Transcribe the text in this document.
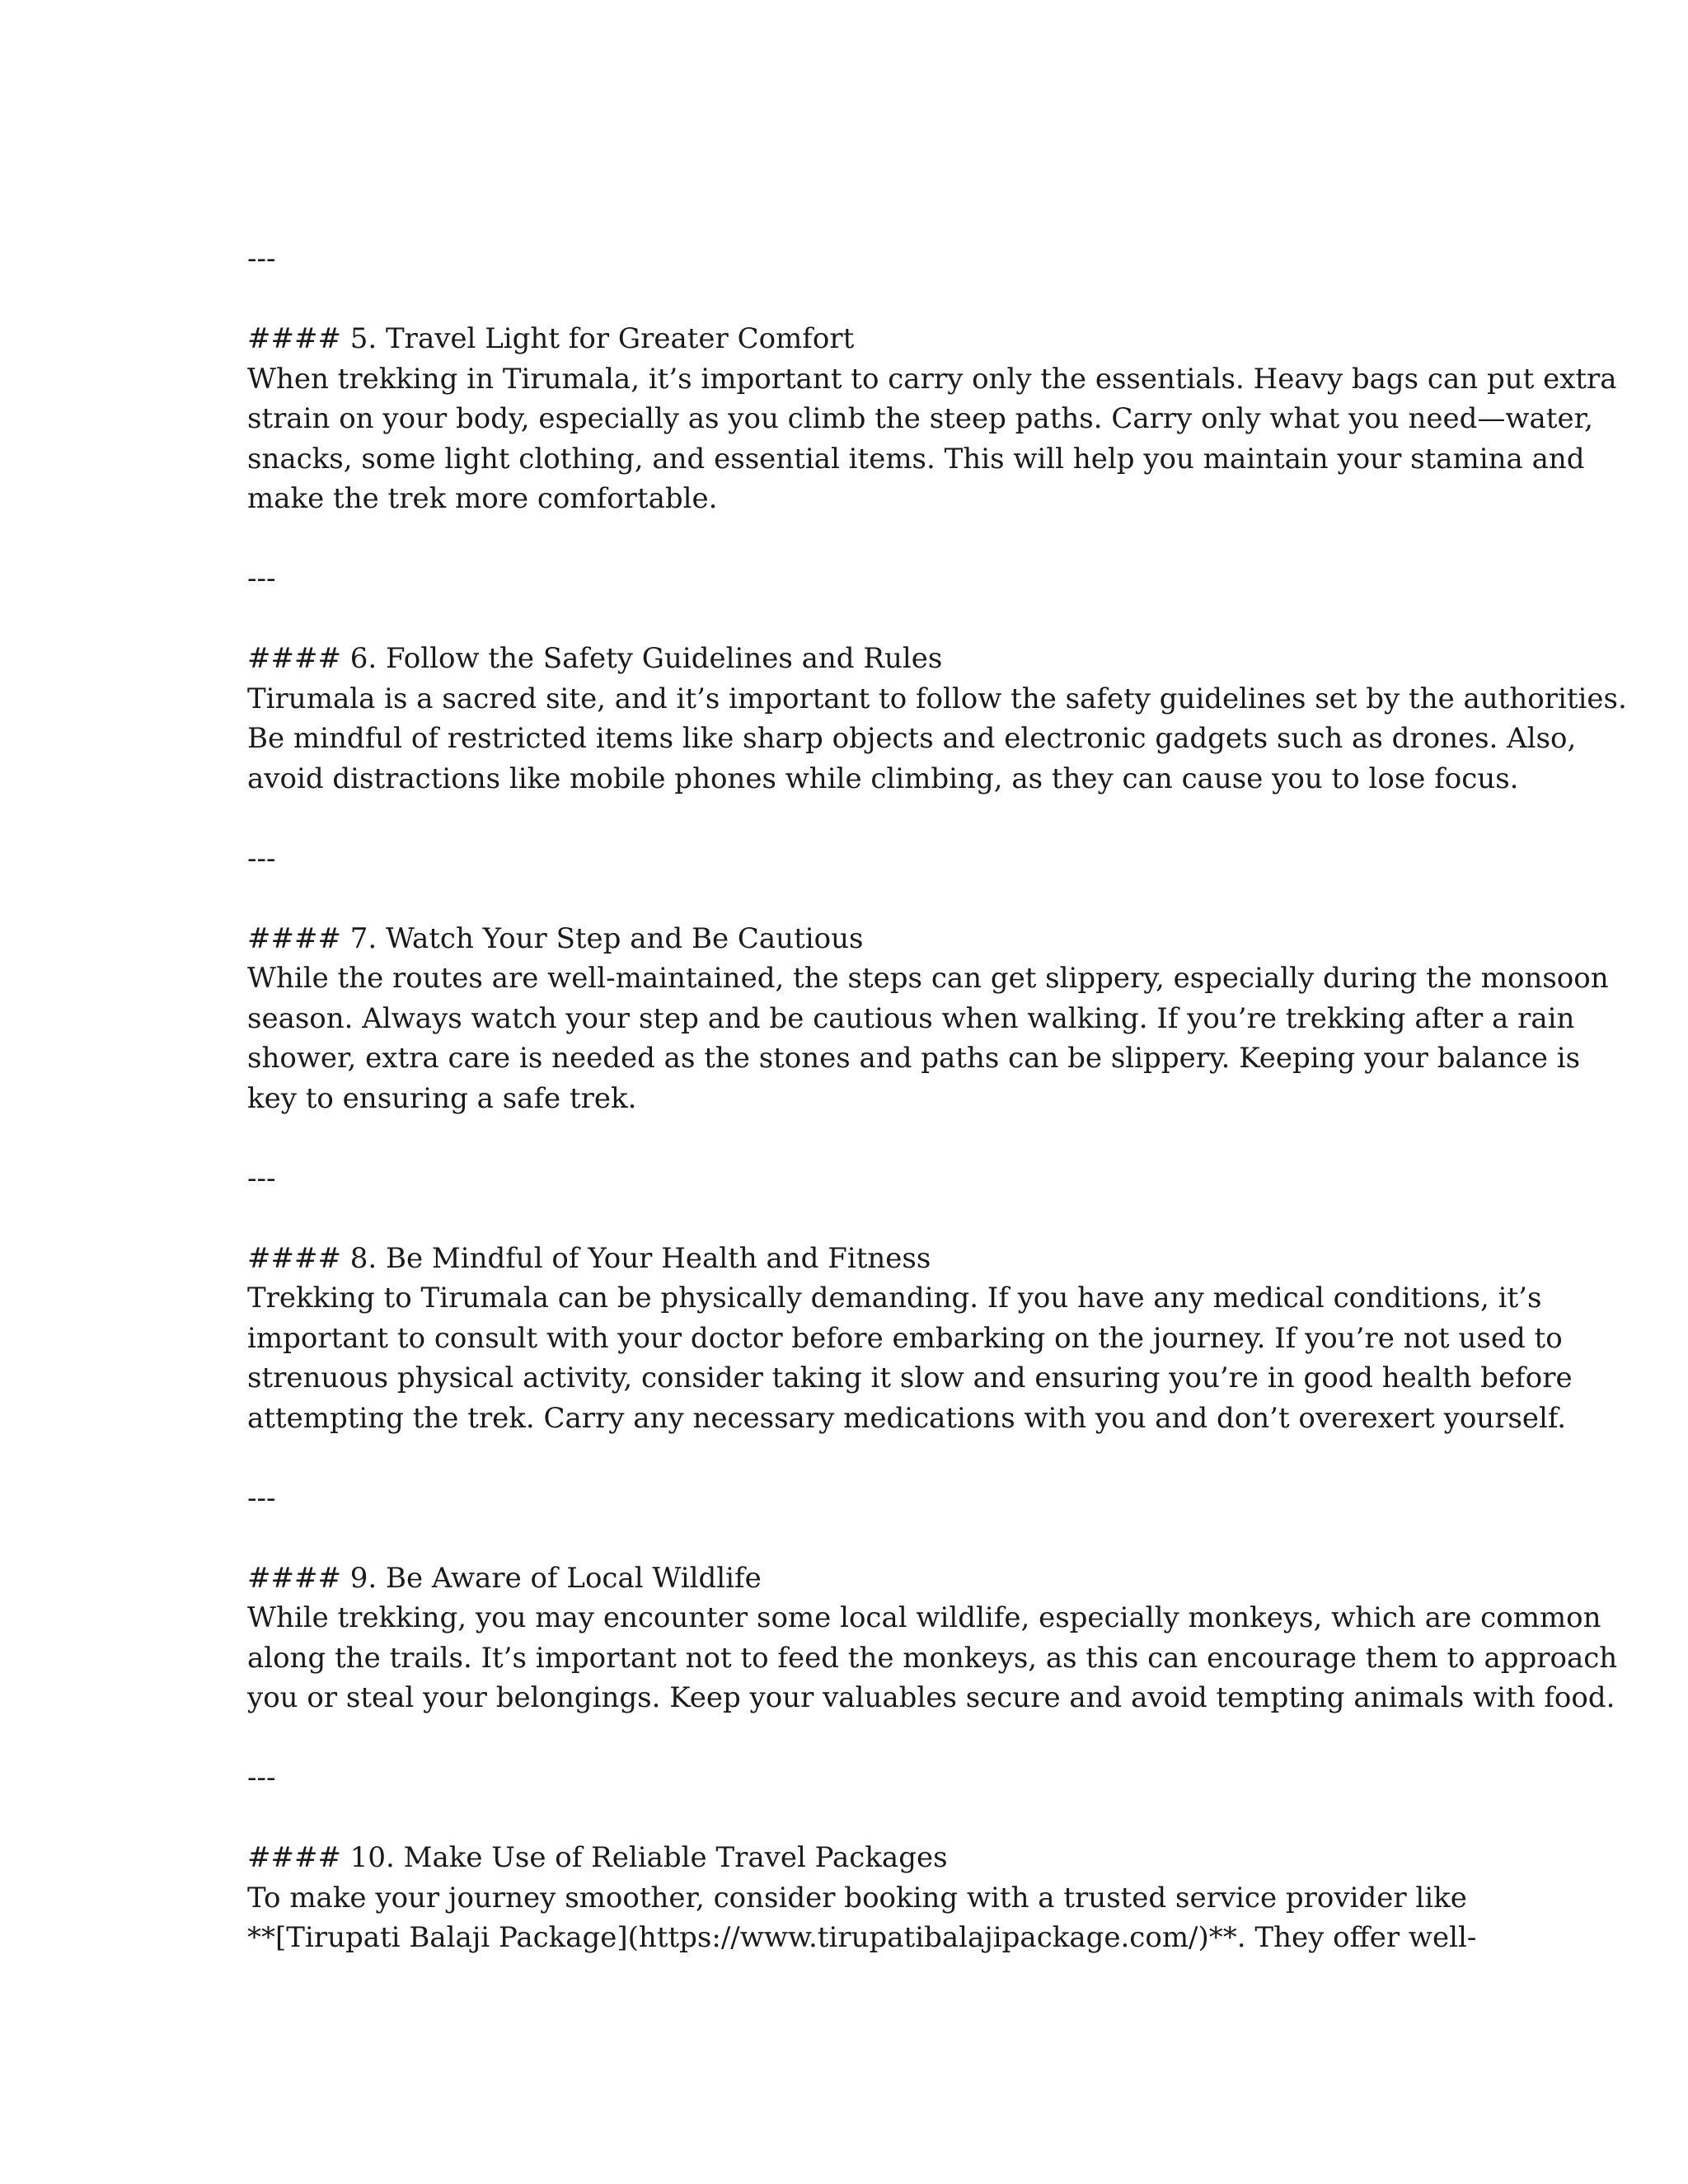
---
#### 5. Travel Light for Greater Comfort
When trekking in Tirumala, it’s important to carry only the essentials. Heavy bags can put extra
strain on your body, especially as you climb the steep paths. Carry only what you need—water,
snacks, some light clothing, and essential items. This will help you maintain your stamina and
make the trek more comfortable.
---
#### 6. Follow the Safety Guidelines and Rules
Tirumala is a sacred site, and it’s important to follow the safety guidelines set by the authorities.
Be mindful of restricted items like sharp objects and electronic gadgets such as drones. Also,
avoid distractions like mobile phones while climbing, as they can cause you to lose focus.
---
#### 7. Watch Your Step and Be Cautious
While the routes are well-maintained, the steps can get slippery, especially during the monsoon
season. Always watch your step and be cautious when walking. If you’re trekking after a rain
shower, extra care is needed as the stones and paths can be slippery. Keeping your balance is
key to ensuring a safe trek.
---
#### 8. Be Mindful of Your Health and Fitness
Trekking to Tirumala can be physically demanding. If you have any medical conditions, it’s
important to consult with your doctor before embarking on the journey. If you’re not used to
strenuous physical activity, consider taking it slow and ensuring you’re in good health before
attempting the trek. Carry any necessary medications with you and don’t overexert yourself.
---
#### 9. Be Aware of Local Wildlife
While trekking, you may encounter some local wildlife, especially monkeys, which are common
along the trails. It’s important not to feed the monkeys, as this can encourage them to approach
you or steal your belongings. Keep your valuables secure and avoid tempting animals with food.
---
#### 10. Make Use of Reliable Travel Packages
To make your journey smoother, consider booking with a trusted service provider like
**[Tirupati Balaji Package](https://www.tirupatibalajipackage.com/)**. They offer well-
